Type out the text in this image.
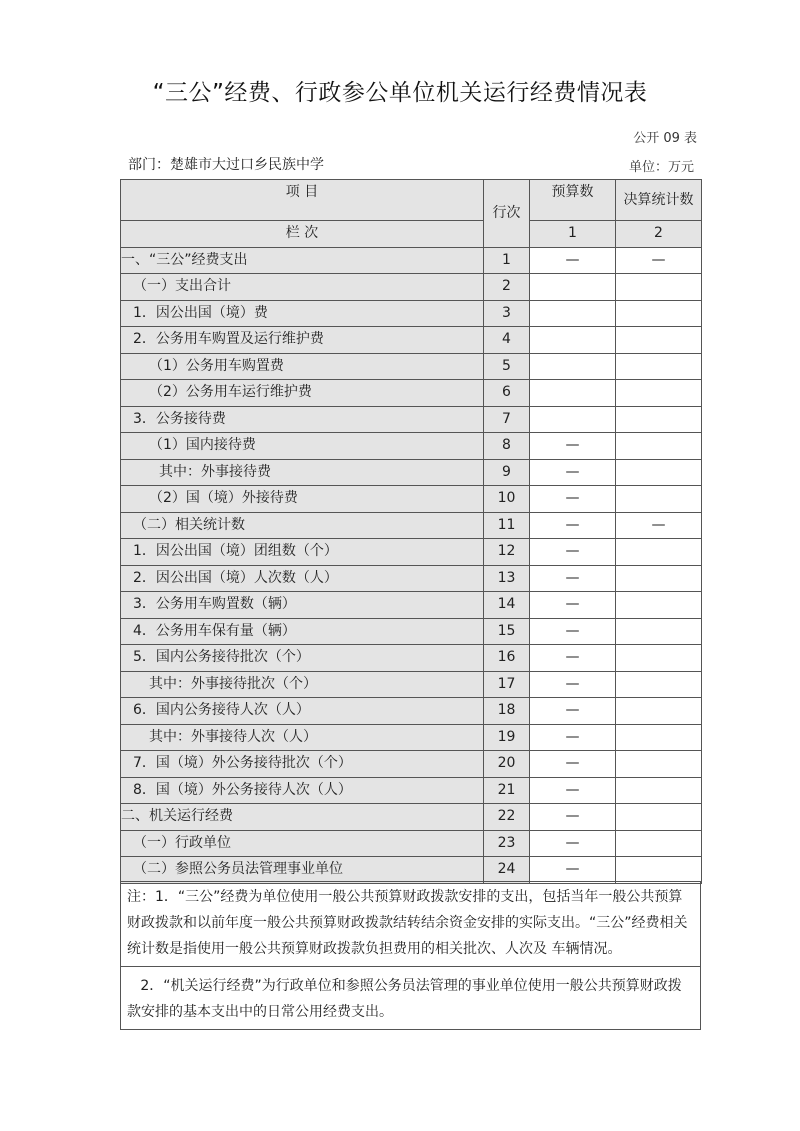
“三公”经费、行政参公单位机关运行经费情况表
公开 09 表
部门：楚雄市大过口乡民族中学	单位：万元
项 目	行次	预算数	决算统计数

栏 次		1	2
一、“三公”经费支出	1	—	—
（一）支出合计	2		
1．因公出国（境）费	3		
2．公务用车购置及运行维护费	4		
（1）公务用车购置费	5		
（2）公务用车运行维护费	6		
3．公务接待费	7		
（1）国内接待费	8	—	
其中：外事接待费	9	—	
（2）国（境）外接待费	10	—	
（二）相关统计数	11	—	—
1．因公出国（境）团组数（个）	12	—	
2．因公出国（境）人次数（人）	13	—	
3．公务用车购置数（辆）	14	—	
4．公务用车保有量（辆）	15	—	
5．国内公务接待批次（个）	16	—	
其中：外事接待批次（个）	17	—	
6．国内公务接待人次（人）	18	—	
其中：外事接待人次（人）	19	—	
7．国（境）外公务接待批次（个）	20	—	
8．国（境）外公务接待人次（人）	21	—	
二、机关运行经费	22	—	
（一）行政单位	23	—	
（二）参照公务员法管理事业单位	24	—	
注：1．“三公”经费为单位使用一般公共预算财政拨款安排的支出，包括当年一般公共预算财政拨款和以前年度一般公共预算财政拨款结转结余资金安排的实际支出。“三公”经费相关统计数是指使用一般公共预算财政拨款负担费用的相关批次、人次及 车辆情况。
2．“机关运行经费”为行政单位和参照公务员法管理的事业单位使用一般公共预算财政拨款安排的基本支出中的日常公用经费支出。
